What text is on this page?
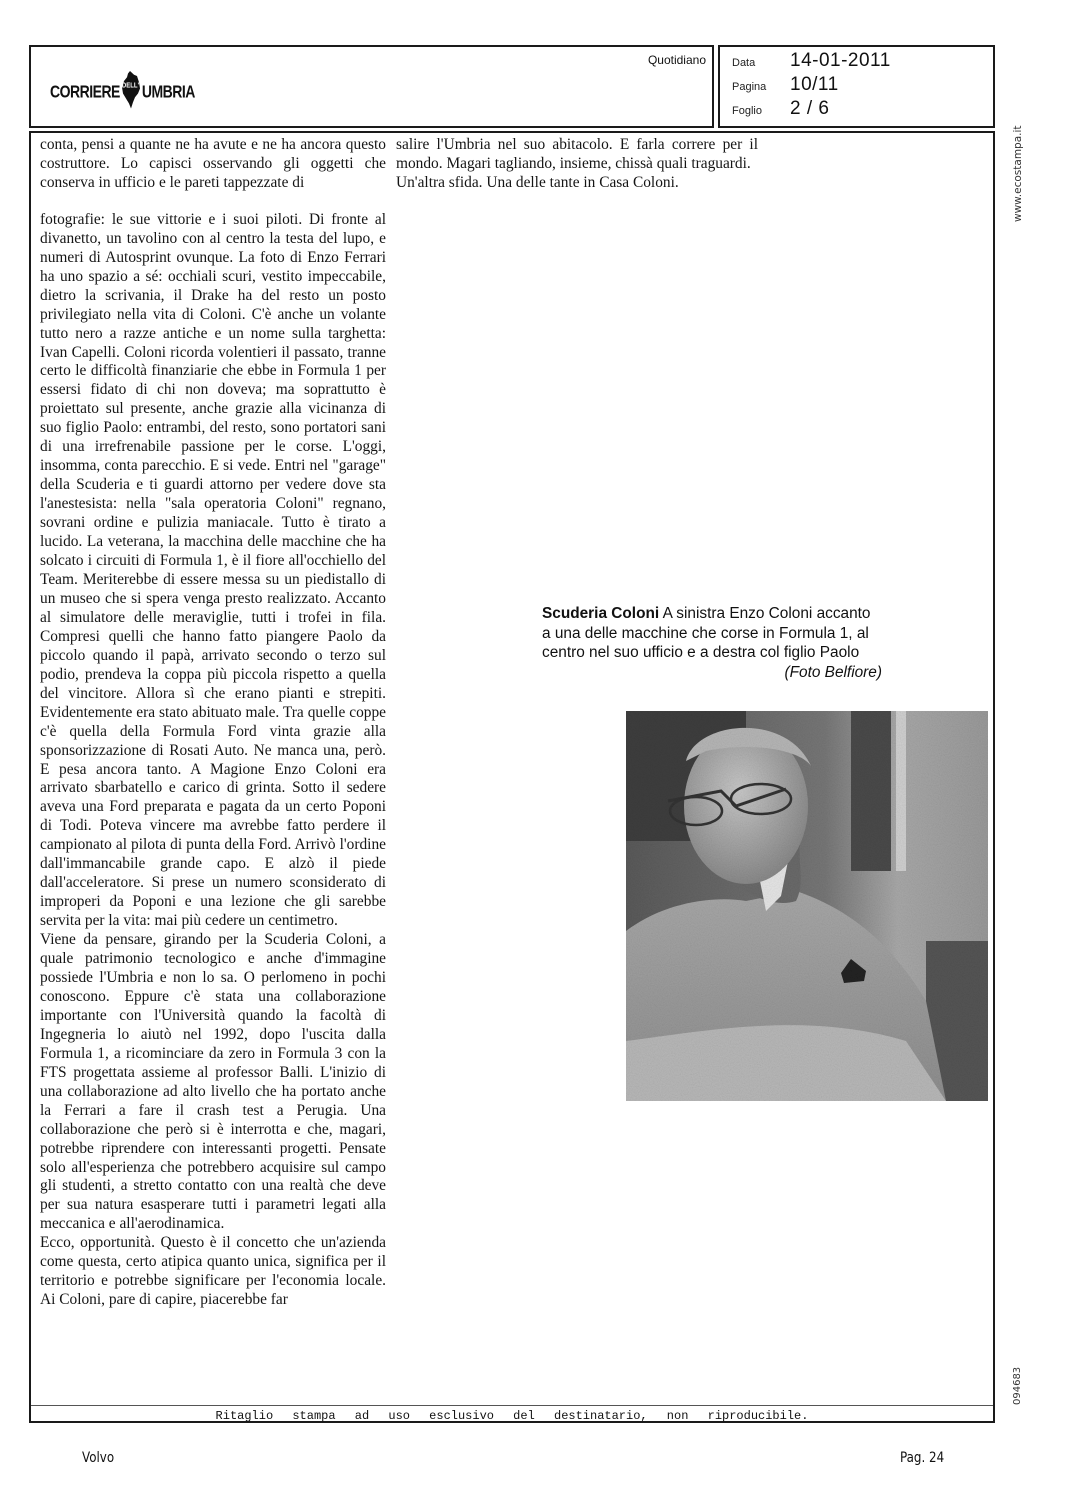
CORRIERE DELL' UMBRIA
Quotidiano Data	14-01-2011
Pagina	10/11
Foglio	2 / 6

conta, pensi a quante ne ha avute e ne ha ancora questo costruttore. Lo capisci osservando gli oggetti che conserva in ufficio e le pareti tappezzate di

fotografie: le sue vittorie e i suoi piloti. Di fronte al divanetto, un tavolino con al centro la testa del lupo, e numeri di Autosprint ovunque. La foto di Enzo Ferrari ha uno spazio a sé: occhiali scuri, vestito impeccabile, dietro la scrivania, il Drake ha del resto un posto privilegiato nella vita di Coloni. C'è anche un volante tutto nero a razze antiche e un nome sulla targhetta: Ivan Capelli. Coloni ricorda volentieri il passato, tranne certo le difficoltà finanziarie che ebbe in Formula 1 per essersi fidato di chi non doveva; ma soprattutto è proiettato sul presente, anche grazie alla vicinanza di suo figlio Paolo: entrambi, del resto, sono portatori sani di una irrefrenabile passione per le corse. L'oggi, insomma, conta parecchio. E si vede. Entri nel "garage" della Scuderia e ti guardi attorno per vedere dove sta l'anestesista: nella "sala operatoria Coloni" regnano, sovrani ordine e pulizia maniacale. Tutto è tirato a lucido. La veterana, la macchina delle macchine che ha solcato i circuiti di Formula 1, è il fiore all'occhiello del Team. Meriterebbe di essere messa su un piedistallo di un museo che si spera venga presto realizzato. Accanto al simulatore delle meraviglie, tutti i trofei in fila. Compresi quelli che hanno fatto piangere Paolo da piccolo quando il papà, arrivato secondo o terzo sul podio, prendeva la coppa più piccola rispetto a quella del vincitore. Allora sì che erano pianti e strepiti. Evidentemente era stato abituato male. Tra quelle coppe c'è quella della Formula Ford vinta grazie alla sponsorizzazione di Rosati Auto. Ne manca una, però. E pesa ancora tanto. A Magione Enzo Coloni era arrivato sbarbatello e carico di grinta. Sotto il sedere aveva una Ford preparata e pagata da un certo Poponi di Todi. Poteva vincere ma avrebbe fatto perdere il campionato al pilota di punta della Ford. Arrivò l'ordine dall'immancabile grande capo. E alzò il piede dall'acceleratore. Si prese un numero sconsiderato di improperi da Poponi e una lezione che gli sarebbe servita per la vita: mai più cedere un centimetro.

Viene da pensare, girando per la Scuderia Coloni, a quale patrimonio tecnologico e anche d'immagine possiede l'Umbria e non lo sa. O perlomeno in pochi conoscono. Eppure c'è stata una collaborazione importante con l'Università quando la facoltà di Ingegneria lo aiutò nel 1992, dopo l'uscita dalla Formula 1, a ricominciare da zero in Formula 3 con la FTS progettata assieme al professor Balli. L'inizio di una collaborazione ad alto livello che ha portato anche la Ferrari a fare il crash test a Perugia. Una collaborazione che però si è interrotta e che, magari, potrebbe riprendere con interessanti progetti. Pensate solo all'esperienza che potrebbero acquisire sul campo gli studenti, a stretto contatto con una realtà che deve per sua natura esasperare tutti i parametri legati alla meccanica e all'aerodinamica.

Ecco, opportunità. Questo è il concetto che un'azienda come questa, certo atipica quanto unica, significa per il territorio e potrebbe significare per l'economia locale. Ai Coloni, pare di capire, piacerebbe far

salire l'Umbria nel suo abitacolo. E farla correre per il mondo. Magari tagliando, insieme, chissà quali traguardi.

Un'altra sfida. Una delle tante in Casa Coloni.

Scuderia Coloni A sinistra Enzo Coloni accanto a una delle macchine che corse in Formula 1, al centro nel suo ufficio e a destra col figlio Paolo
(Foto Belfiore)
Ritaglio stampa ad uso esclusivo del destinatario, non riproducibile.
www.ecostampa.it
094683
Volvo	Pag. 24
